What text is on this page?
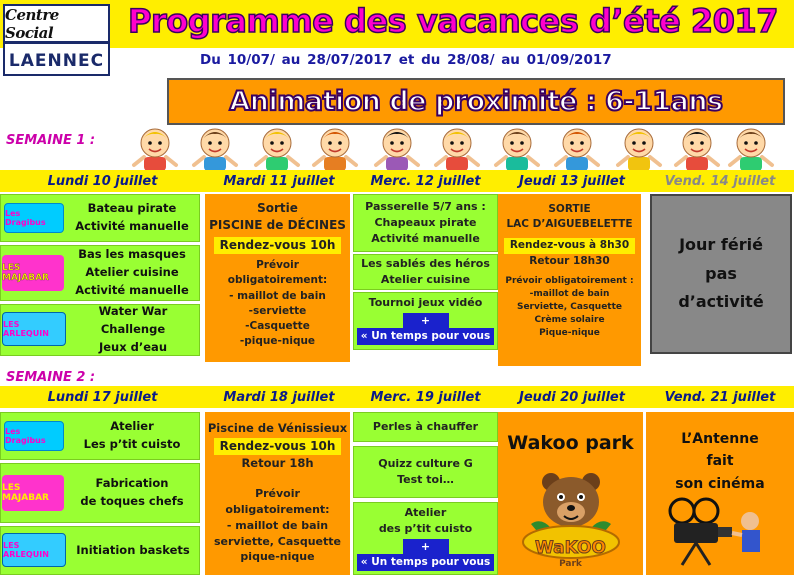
Centre Social
LAENNEC
Programme des vacances d’été 2017
Du 10/07/ au 28/07/2017 et du 28/08/ au 01/09/2017
Animation de proximité : 6-11ans
SEMAINE 1 :
Lundi 10 juillet	Mardi 11 juillet	Merc. 12 juillet	Jeudi 13 juillet	Vend. 14 juillet
Les Dragibus
Bateau pirate
Activité manuelle
LES MAJABAR
Bas les masques
Atelier cuisine
Activité manuelle
LES ARLEQUIN
Water War Challenge
Jeux d’eau
Sortie
PISCINE de DÉCINES
Rendez-vous 10h
Prévoir obligatoirement:
- maillot de bain
-serviette
-Casquette
-pique-nique
Passerelle 5/7 ans :
Chapeaux pirate
Activité manuelle
Les sablés des héros
Atelier cuisine
Tournoi jeux vidéo
+
« Un temps pour vous »
SORTIE
LAC D’AIGUEBELETTE
Rendez-vous à 8h30
Retour 18h30
Prévoir obligatoirement :
-maillot de bain
Serviette, Casquette
Crème solaire
Pique-nique
Jour férié
pas
d’activité
SEMAINE 2 :
Lundi 17 juillet	Mardi 18 juillet	Merc. 19 juillet	Jeudi 20 juillet	Vend. 21 juillet
Les Dragibus
Atelier
Les p’tit cuisto
LES MAJABAR
Fabrication
de toques chefs
LES ARLEQUIN	Initiation baskets
Piscine de Vénissieux
Rendez-vous 10h
Retour 18h
Prévoir obligatoirement:
- maillot de bain
serviette, Casquette
pique-nique
Perles à chauffer
Quizz culture G
Test toi…
Atelier
des p’tit cuisto
+
« Un temps pour vous »
Wakoo park
WaKOO
Park
L’Antenne
fait
son cinéma
